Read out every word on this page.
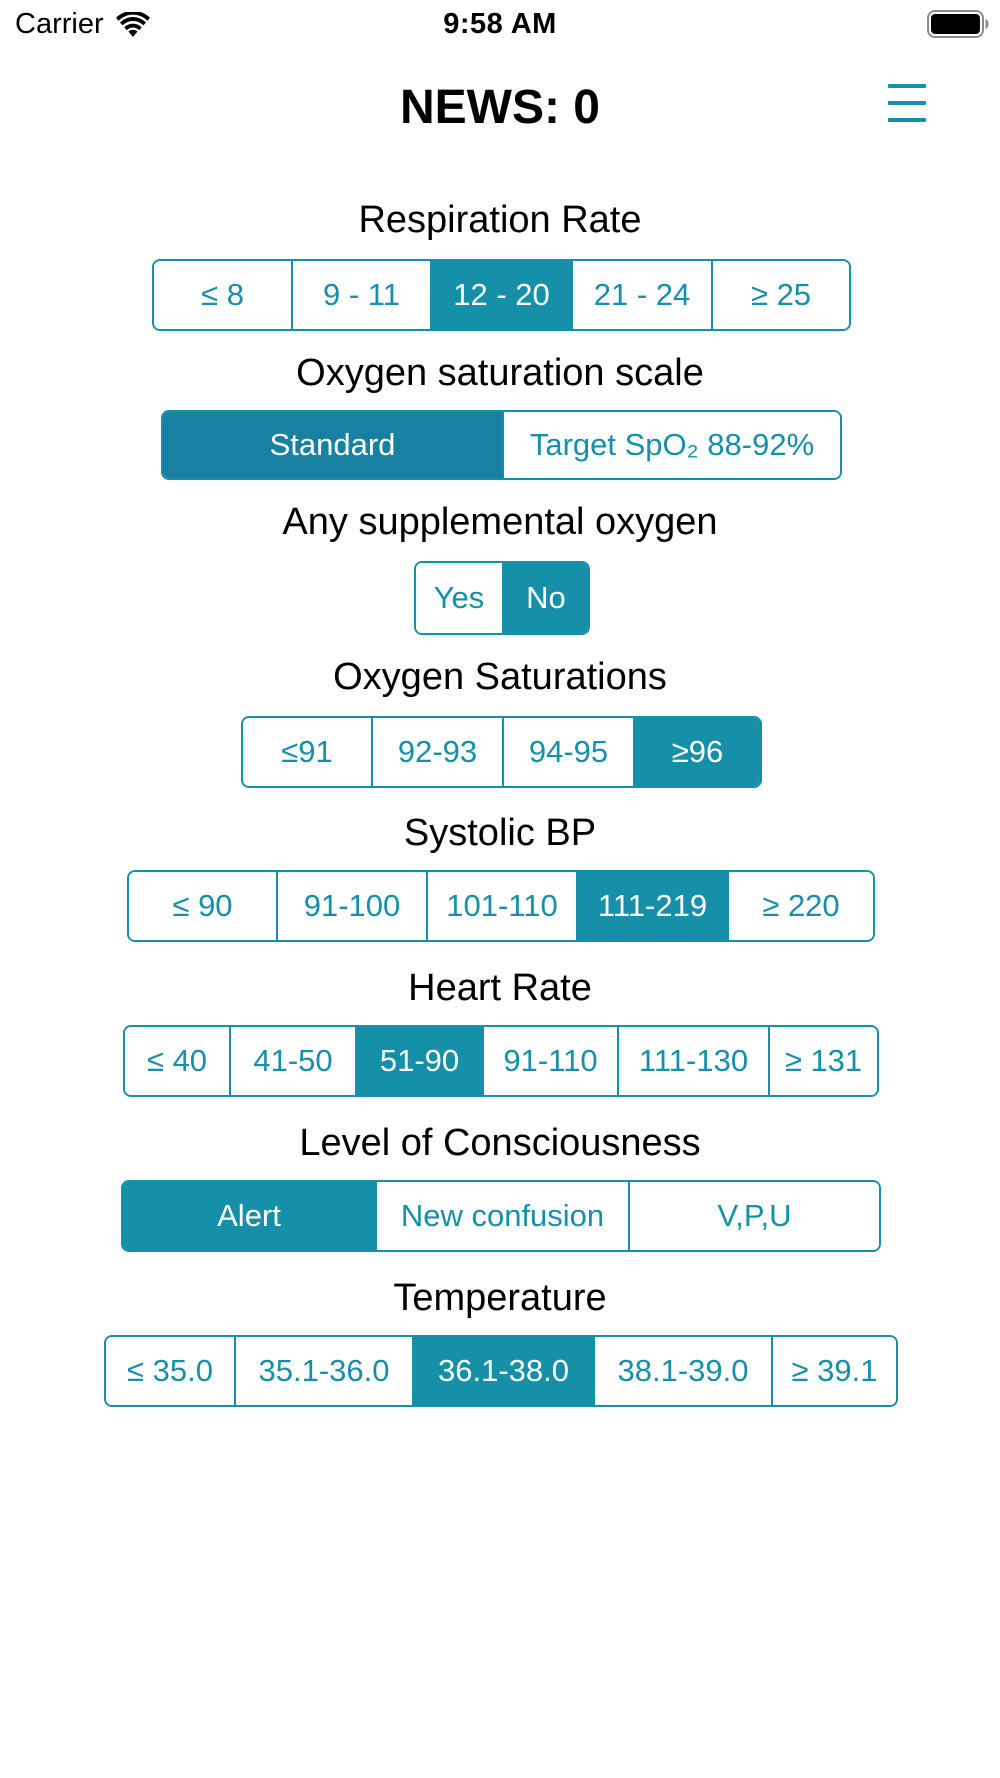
Carrier	9:58 AM
NEWS: 0
Respiration Rate
≤ 8	9 - 11	12 - 20	21 - 24	≥ 25
Oxygen saturation scale
Standard	Target SpO₂ 88-92%
Any supplemental oxygen
Yes	No
Oxygen Saturations
≤91	92-93	94-95	≥96
Systolic BP
≤ 90	91-100	101-110	111-219	≥ 220
Heart Rate
≤ 40	41-50	51-90	91-110	111-130	≥ 131
Level of Consciousness
Alert	New confusion	V,P,U
Temperature
≤ 35.0	35.1-36.0	36.1-38.0	38.1-39.0	≥ 39.1
